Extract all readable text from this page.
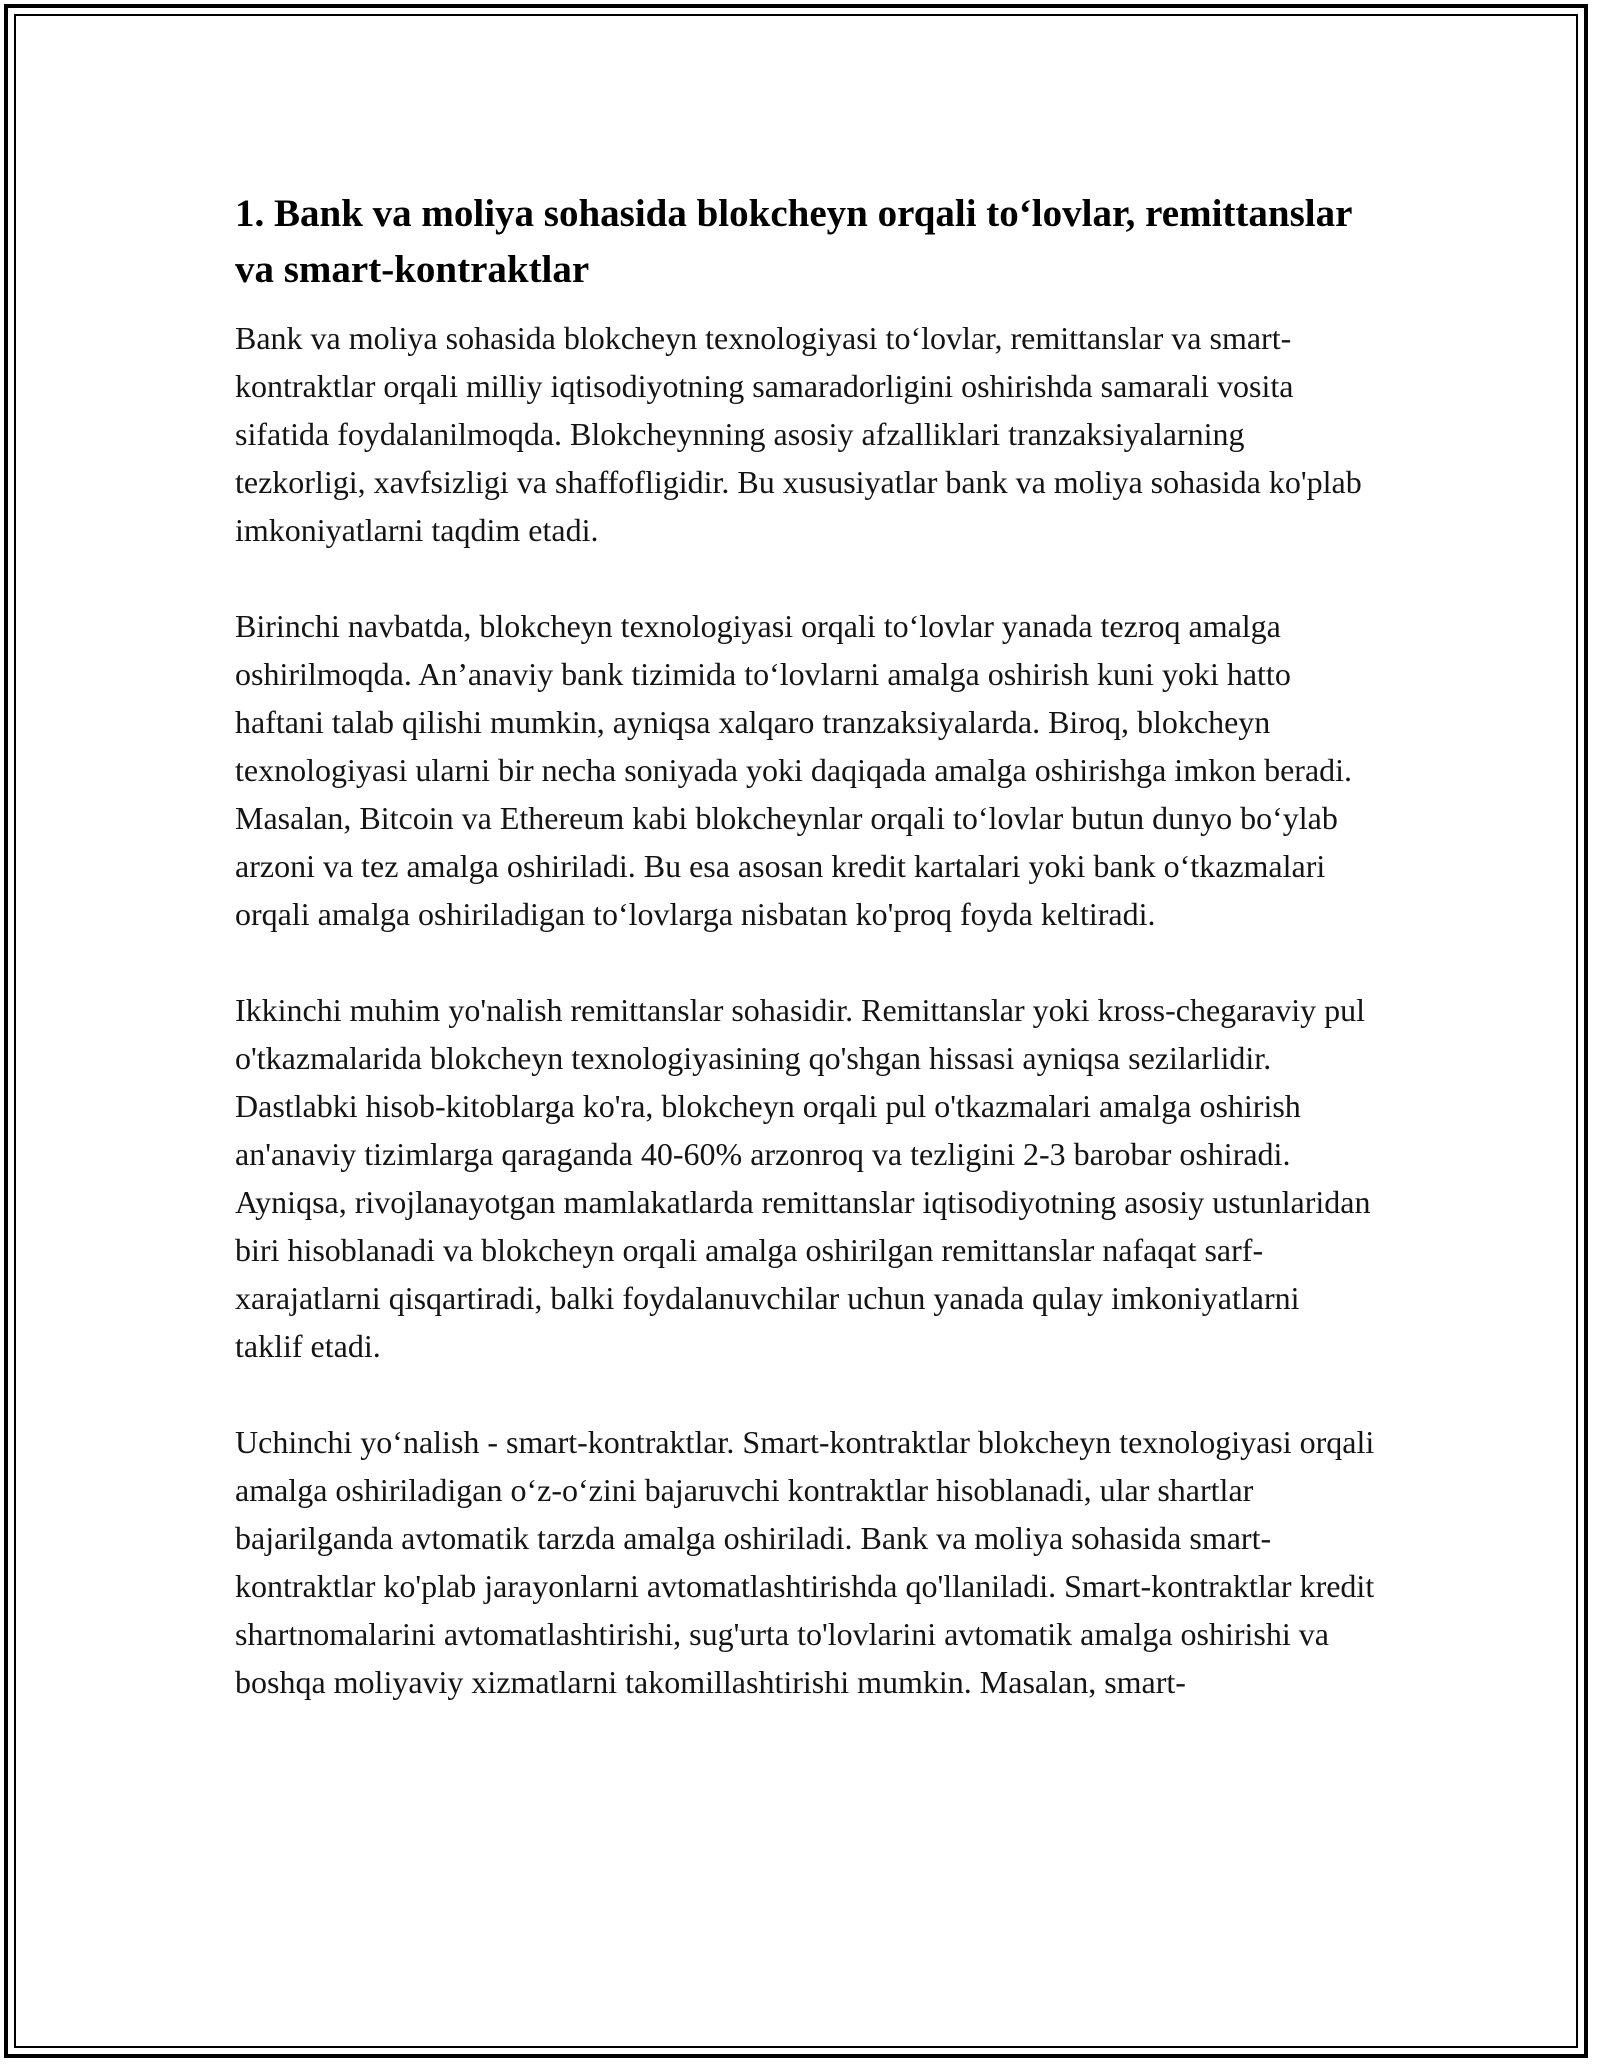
1. Bank va moliya sohasida blokcheyn orqali to‘lovlar, remittanslar va smart-kontraktlar

Bank va moliya sohasida blokcheyn texnologiyasi to‘lovlar, remittanslar va smart-kontraktlar orqali milliy iqtisodiyotning samaradorligini oshirishda samarali vosita sifatida foydalanilmoqda. Blokcheynning asosiy afzalliklari tranzaksiyalarning tezkorligi, xavfsizligi va shaffofligidir. Bu xususiyatlar bank va moliya sohasida ko'plab imkoniyatlarni taqdim etadi.

Birinchi navbatda, blokcheyn texnologiyasi orqali to‘lovlar yanada tezroq amalga oshirilmoqda. An’anaviy bank tizimida to‘lovlarni amalga oshirish kuni yoki hatto haftani talab qilishi mumkin, ayniqsa xalqaro tranzaksiyalarda. Biroq, blokcheyn texnologiyasi ularni bir necha soniyada yoki daqiqada amalga oshirishga imkon beradi. Masalan, Bitcoin va Ethereum kabi blokcheynlar orqali to‘lovlar butun dunyo bo‘ylab arzoni va tez amalga oshiriladi. Bu esa asosan kredit kartalari yoki bank o‘tkazmalari orqali amalga oshiriladigan to‘lovlarga nisbatan ko'proq foyda keltiradi.

Ikkinchi muhim yo'nalish remittanslar sohasidir. Remittanslar yoki kross-chegaraviy pul o'tkazmalarida blokcheyn texnologiyasining qo'shgan hissasi ayniqsa sezilarlidir. Dastlabki hisob-kitoblarga ko'ra, blokcheyn orqali pul o'tkazmalari amalga oshirish an'anaviy tizimlarga qaraganda 40-60% arzonroq va tezligini 2-3 barobar oshiradi. Ayniqsa, rivojlanayotgan mamlakatlarda remittanslar iqtisodiyotning asosiy ustunlaridan biri hisoblanadi va blokcheyn orqali amalga oshirilgan remittanslar nafaqat sarf-xarajatlarni qisqartiradi, balki foydalanuvchilar uchun yanada qulay imkoniyatlarni taklif etadi.

Uchinchi yo‘nalish - smart-kontraktlar. Smart-kontraktlar blokcheyn texnologiyasi orqali amalga oshiriladigan o‘z-o‘zini bajaruvchi kontraktlar hisoblanadi, ular shartlar bajarilganda avtomatik tarzda amalga oshiriladi. Bank va moliya sohasida smart-kontraktlar ko'plab jarayonlarni avtomatlashtirishda qo'llaniladi. Smart-kontraktlar kredit shartnomalarini avtomatlashtirishi, sug'urta to'lovlarini avtomatik amalga oshirishi va boshqa moliyaviy xizmatlarni takomillashtirishi mumkin. Masalan, smart-
